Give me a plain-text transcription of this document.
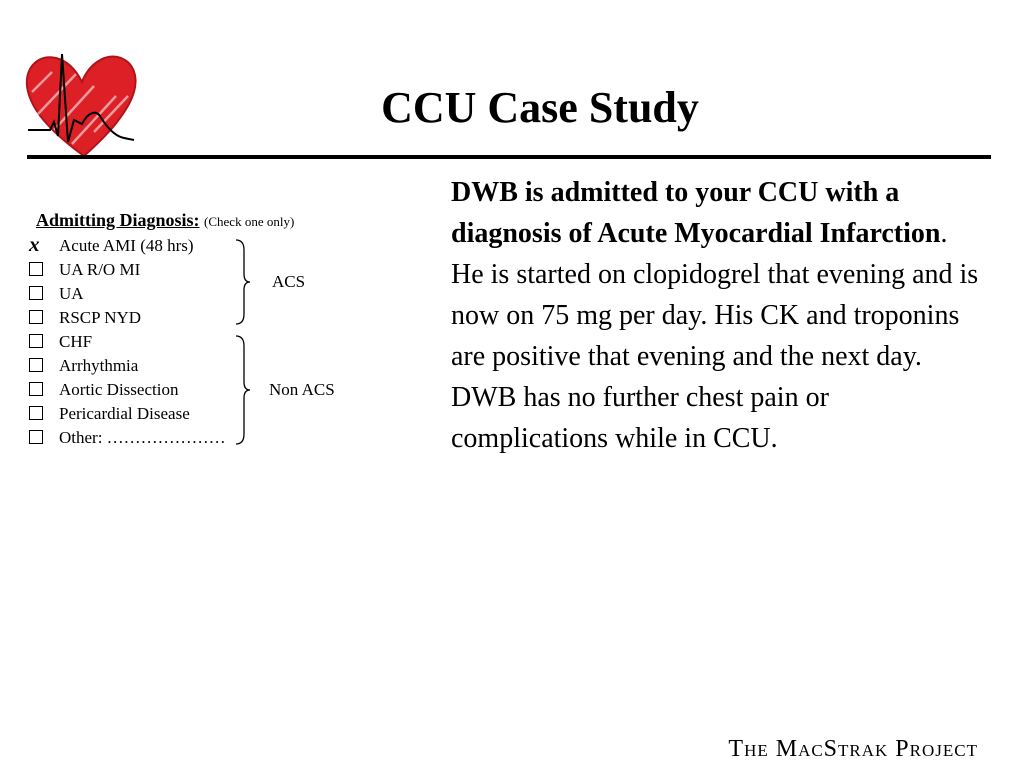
CCU Case Study
Admitting Diagnosis: (Check one only)
x	Acute AMI (48 hrs)
UA R/O MI
UA
RSCP NYD
CHF
Arrhythmia
Aortic Dissection
Pericardial Disease
Other: …………………
ACS
Non ACS
DWB is admitted to your CCU with a diagnosis of Acute Myocardial Infarction. He is started on clopidogrel that evening and is now on 75 mg per day. His CK and troponins are positive that evening and the next day. DWB has no further chest pain or complications while in CCU.
The MacStrak Project
